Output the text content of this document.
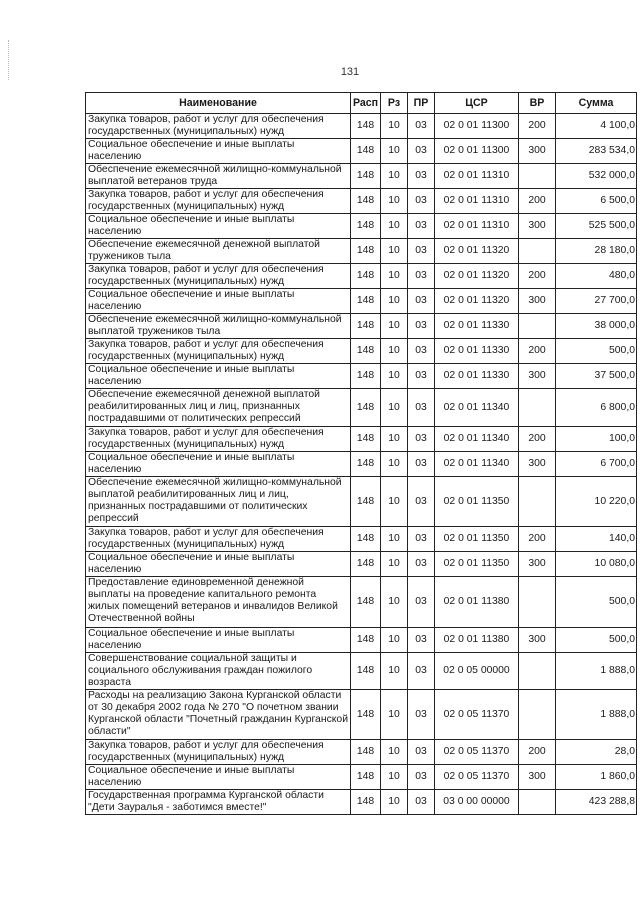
131
Наименование	Расп	Рз	ПР	ЦСР	ВР	Сумма
Закупка товаров, работ и услуг для обеспечения государственных (муниципальных) нужд	148	10	03	02 0 01 11300	200	4 100,0
Социальное обеспечение и иные выплаты населению	148	10	03	02 0 01 11300	300	283 534,0
Обеспечение ежемесячной жилищно-коммунальной выплатой ветеранов труда	148	10	03	02 0 01 11310		532 000,0
Закупка товаров, работ и услуг для обеспечения государственных (муниципальных) нужд	148	10	03	02 0 01 11310	200	6 500,0
Социальное обеспечение и иные выплаты населению	148	10	03	02 0 01 11310	300	525 500,0
Обеспечение ежемесячной денежной выплатой тружеников тыла	148	10	03	02 0 01 11320		28 180,0
Закупка товаров, работ и услуг для обеспечения государственных (муниципальных) нужд	148	10	03	02 0 01 11320	200	480,0
Социальное обеспечение и иные выплаты населению	148	10	03	02 0 01 11320	300	27 700,0
Обеспечение ежемесячной жилищно-коммунальной выплатой тружеников тыла	148	10	03	02 0 01 11330		38 000,0
Закупка товаров, работ и услуг для обеспечения государственных (муниципальных) нужд	148	10	03	02 0 01 11330	200	500,0
Социальное обеспечение и иные выплаты населению	148	10	03	02 0 01 11330	300	37 500,0
Обеспечение ежемесячной денежной выплатой реабилитированных лиц и лиц, признанных пострадавшими от политических репрессий	148	10	03	02 0 01 11340		6 800,0
Закупка товаров, работ и услуг для обеспечения государственных (муниципальных) нужд	148	10	03	02 0 01 11340	200	100,0
Социальное обеспечение и иные выплаты населению	148	10	03	02 0 01 11340	300	6 700,0
Обеспечение ежемесячной жилищно-коммунальной выплатой реабилитированных лиц и лиц, признанных пострадавшими от политических репрессий	148	10	03	02 0 01 11350		10 220,0
Закупка товаров, работ и услуг для обеспечения государственных (муниципальных) нужд	148	10	03	02 0 01 11350	200	140,0
Социальное обеспечение и иные выплаты населению	148	10	03	02 0 01 11350	300	10 080,0
Предоставление единовременной денежной выплаты на проведение капитального ремонта жилых помещений ветеранов и инвалидов Великой Отечественной войны	148	10	03	02 0 01 11380		500,0
Социальное обеспечение и иные выплаты населению	148	10	03	02 0 01 11380	300	500,0
Совершенствование социальной защиты и социального обслуживания граждан пожилого возраста	148	10	03	02 0 05 00000		1 888,0
Расходы на реализацию Закона Курганской области от 30 декабря 2002 года № 270 "О почетном звании Курганской области "Почетный гражданин Курганской области"	148	10	03	02 0 05 11370		1 888,0
Закупка товаров, работ и услуг для обеспечения государственных (муниципальных) нужд	148	10	03	02 0 05 11370	200	28,0
Социальное обеспечение и иные выплаты населению	148	10	03	02 0 05 11370	300	1 860,0
Государственная программа Курганской области "Дети Зауралья - заботимся вместе!"	148	10	03	03 0 00 00000		423 288,8
